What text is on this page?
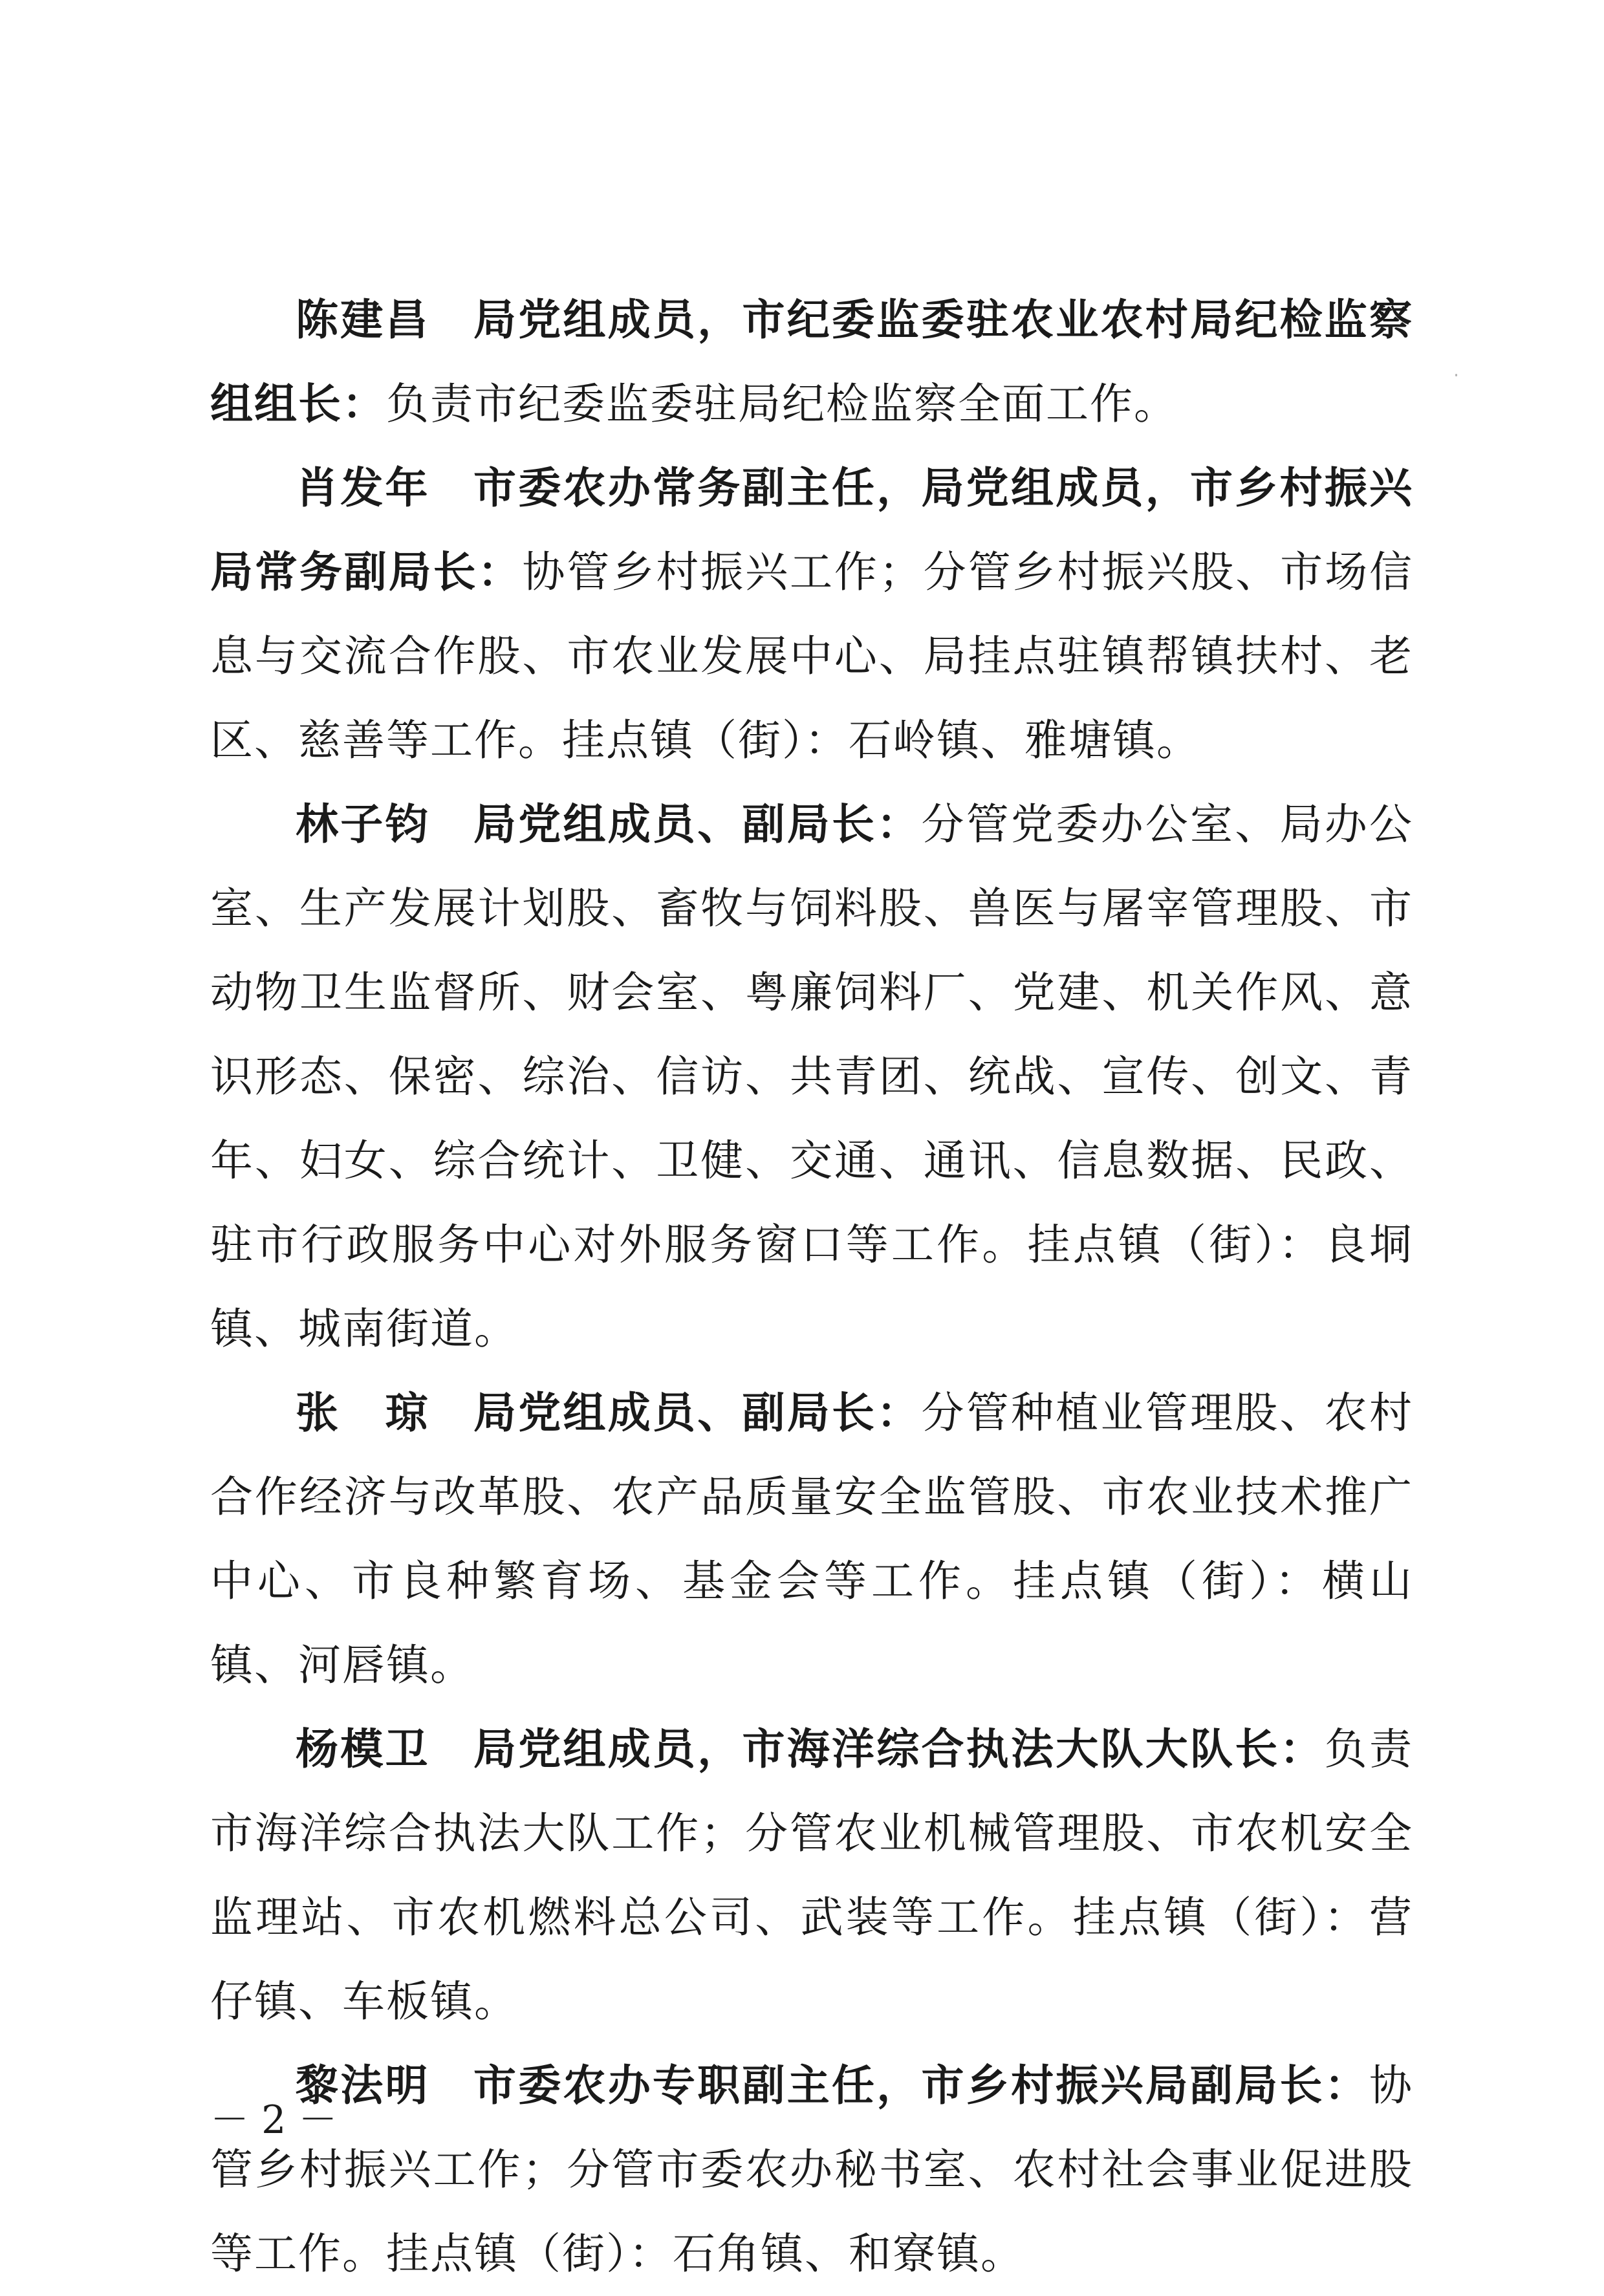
陈建昌 局党组成员，市纪委监委驻农业农村局纪检监察组组长：负责市纪委监委驻局纪检监察全面工作。

肖发年 市委农办常务副主任，局党组成员，市乡村振兴局常务副局长：协管乡村振兴工作；分管乡村振兴股、市场信息与交流合作股、市农业发展中心、局挂点驻镇帮镇扶村、老区、慈善等工作。挂点镇（街）：石岭镇、雅塘镇。

林子钧 局党组成员、副局长：分管党委办公室、局办公室、生产发展计划股、畜牧与饲料股、兽医与屠宰管理股、市动物卫生监督所、财会室、粤廉饲料厂、党建、机关作风、意识形态、保密、综治、信访、共青团、统战、宣传、创文、青年、妇女、综合统计、卫健、交通、通讯、信息数据、民政、驻市行政服务中心对外服务窗口等工作。挂点镇（街）：良垌镇、城南街道。

张　琼 局党组成员、副局长：分管种植业管理股、农村合作经济与改革股、农产品质量安全监管股、市农业技术推广中心、市良种繁育场、基金会等工作。挂点镇（街）：横山镇、河唇镇。

杨模卫 局党组成员，市海洋综合执法大队大队长：负责市海洋综合执法大队工作；分管农业机械管理股、市农机安全监理站、市农机燃料总公司、武装等工作。挂点镇（街）：营仔镇、车板镇。

黎法明 市委农办专职副主任，市乡村振兴局副局长：协管乡村振兴工作；分管市委农办秘书室、农村社会事业促进股等工作。挂点镇（街）：石角镇、和寮镇。

－ 2 －
